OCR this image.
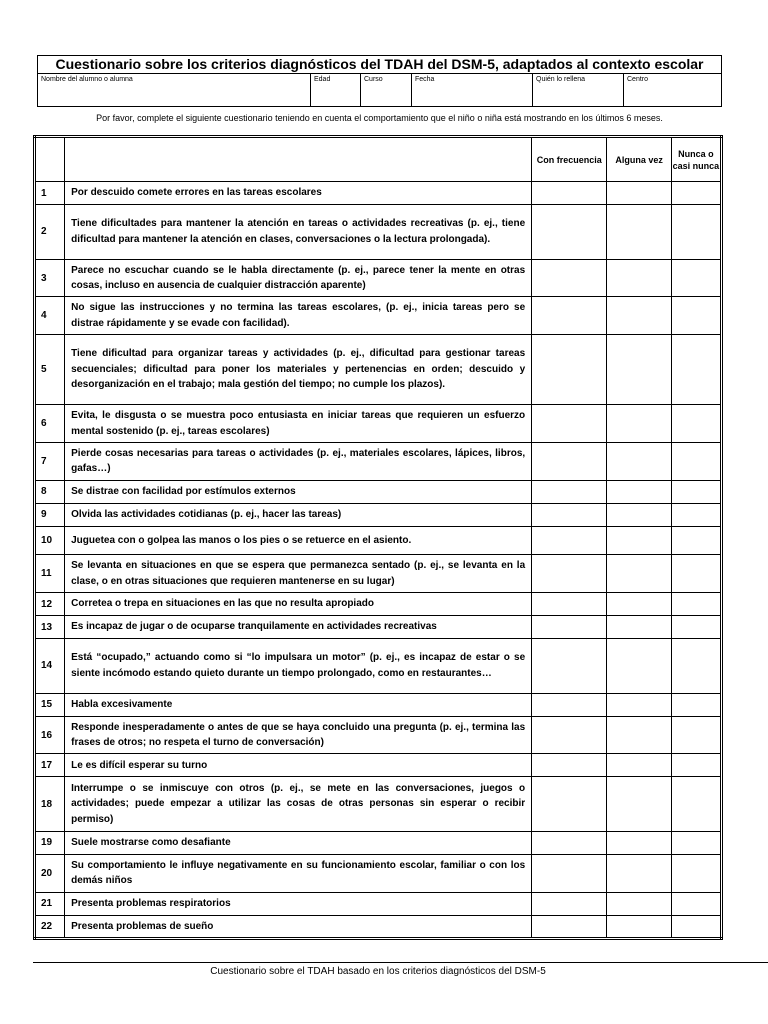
Cuestionario sobre los criterios diagnósticos del TDAH del DSM-5, adaptados al contexto escolar
Nombre del alumno o alumna	Edad	Curso	Fecha	Quién lo rellena	Centro
Por favor, complete el siguiente cuestionario teniendo en cuenta el comportamiento que el niño o niña está mostrando en los últimos 6 meses.
		Con frecuencia	Alguna vez	Nunca o casi nunca
1	Por descuido comete errores en las tareas escolares			
2	Tiene dificultades para mantener la atención en tareas o actividades recreativas (p. ej., tiene dificultad para mantener la atención en clases, conversaciones o la lectura prolongada).			
3	Parece no escuchar cuando se le habla directamente (p. ej., parece tener la mente en otras cosas, incluso en ausencia de cualquier distracción aparente)			
4	No sigue las instrucciones y no termina las tareas escolares, (p. ej., inicia tareas pero se distrae rápidamente y se evade con facilidad).			
5	Tiene dificultad para organizar tareas y actividades (p. ej., dificultad para gestionar tareas secuenciales; dificultad para poner los materiales y pertenencias en orden; descuido y desorganización en el trabajo; mala gestión del tiempo; no cumple los plazos).			
6	Evita, le disgusta o se muestra poco entusiasta en iniciar tareas que requieren un esfuerzo mental sostenido (p. ej., tareas escolares)			
7	Pierde cosas necesarias para tareas o actividades (p. ej., materiales escolares, lápices, libros, gafas…)			
8	Se distrae con facilidad por estímulos externos			
9	Olvida las actividades cotidianas (p. ej., hacer las tareas)			
10	Juguetea con o golpea las manos o los pies o se retuerce en el asiento.			
11	Se levanta en situaciones en que se espera que permanezca sentado (p. ej., se levanta en la clase, o en otras situaciones que requieren mantenerse en su lugar)			
12	Corretea o trepa en situaciones en las que no resulta apropiado			
13	Es incapaz de jugar o de ocuparse tranquilamente en actividades recreativas			
14	Está “ocupado,” actuando como si “lo impulsara un motor” (p. ej., es incapaz de estar o se siente incómodo estando quieto durante un tiempo prolongado, como en restaurantes…			
15	Habla excesivamente			
16	Responde inesperadamente o antes de que se haya concluido una pregunta (p. ej., termina las frases de otros; no respeta el turno de conversación)			
17	Le es difícil esperar su turno			
18	Interrumpe o se inmiscuye con otros (p. ej., se mete en las conversaciones, juegos o actividades; puede empezar a utilizar las cosas de otras personas sin esperar o recibir permiso)			
19	Suele mostrarse como desafiante			
20	Su comportamiento le influye negativamente en su funcionamiento escolar, familiar o con los demás niños			
21	Presenta problemas respiratorios			
22	Presenta problemas de sueño			
Cuestionario sobre el TDAH basado en los criterios diagnósticos del DSM-5
